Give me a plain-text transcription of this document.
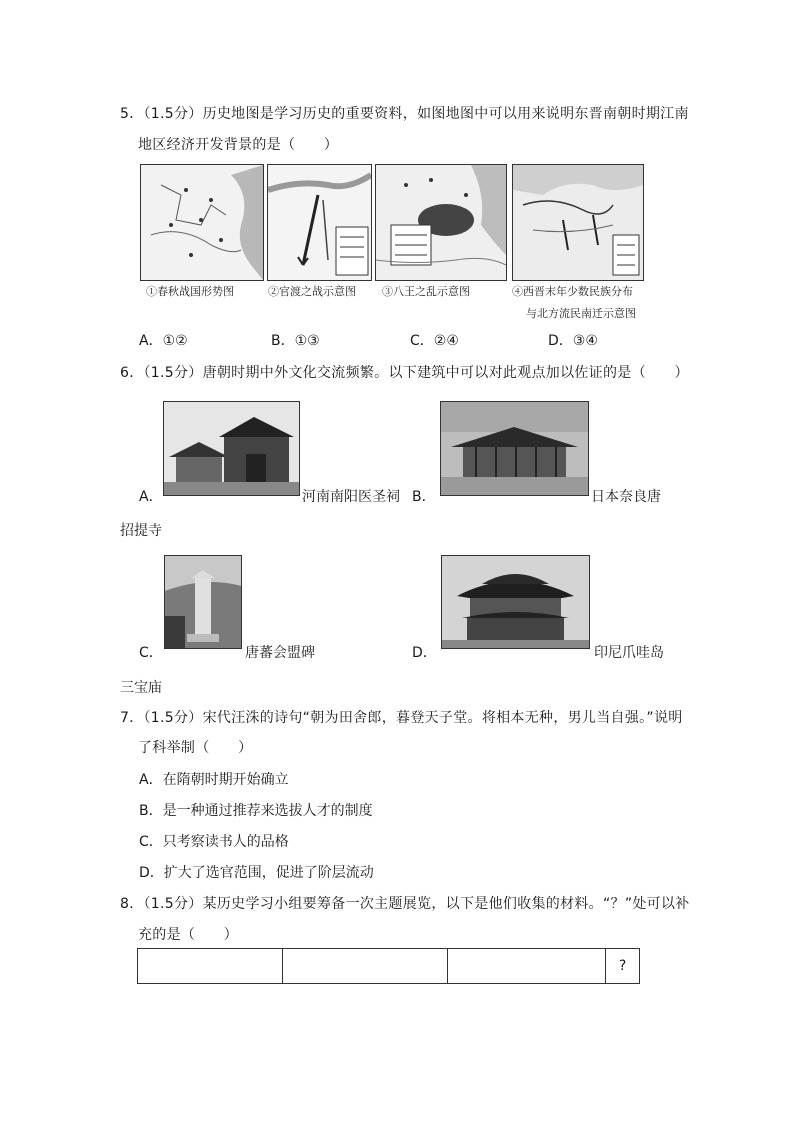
5．（1.5分）历史地图是学习历史的重要资料，如图地图中可以用来说明东晋南朝时期江南
地区经济开发背景的是（　　）
①春秋战国形势图	②官渡之战示意图 ③八王之乱示意图	④西晋末年少数民族分布
与北方流民南迁示意图
A．①②	B．①③	C．②④	D．③④
6．（1.5分）唐朝时期中外文化交流频繁。以下建筑中可以对此观点加以佐证的是（　　）
A．	河南南阳医圣祠 B．	日本奈良唐
招提寺
C．	唐蕃会盟碑	D．	印尼爪哇岛
三宝庙
7．（1.5分）宋代汪洙的诗句“朝为田舍郎，暮登天子堂。将相本无种，男儿当自强。”说明
了科举制（　　）
A．在隋朝时期开始确立
B．是一种通过推荐来选拔人才的制度
C．只考察读书人的品格
D．扩大了选官范围，促进了阶层流动
8．（1.5分）某历史学习小组要筹备一次主题展览，以下是他们收集的材料。“？”处可以补
充的是（　　）
			?
